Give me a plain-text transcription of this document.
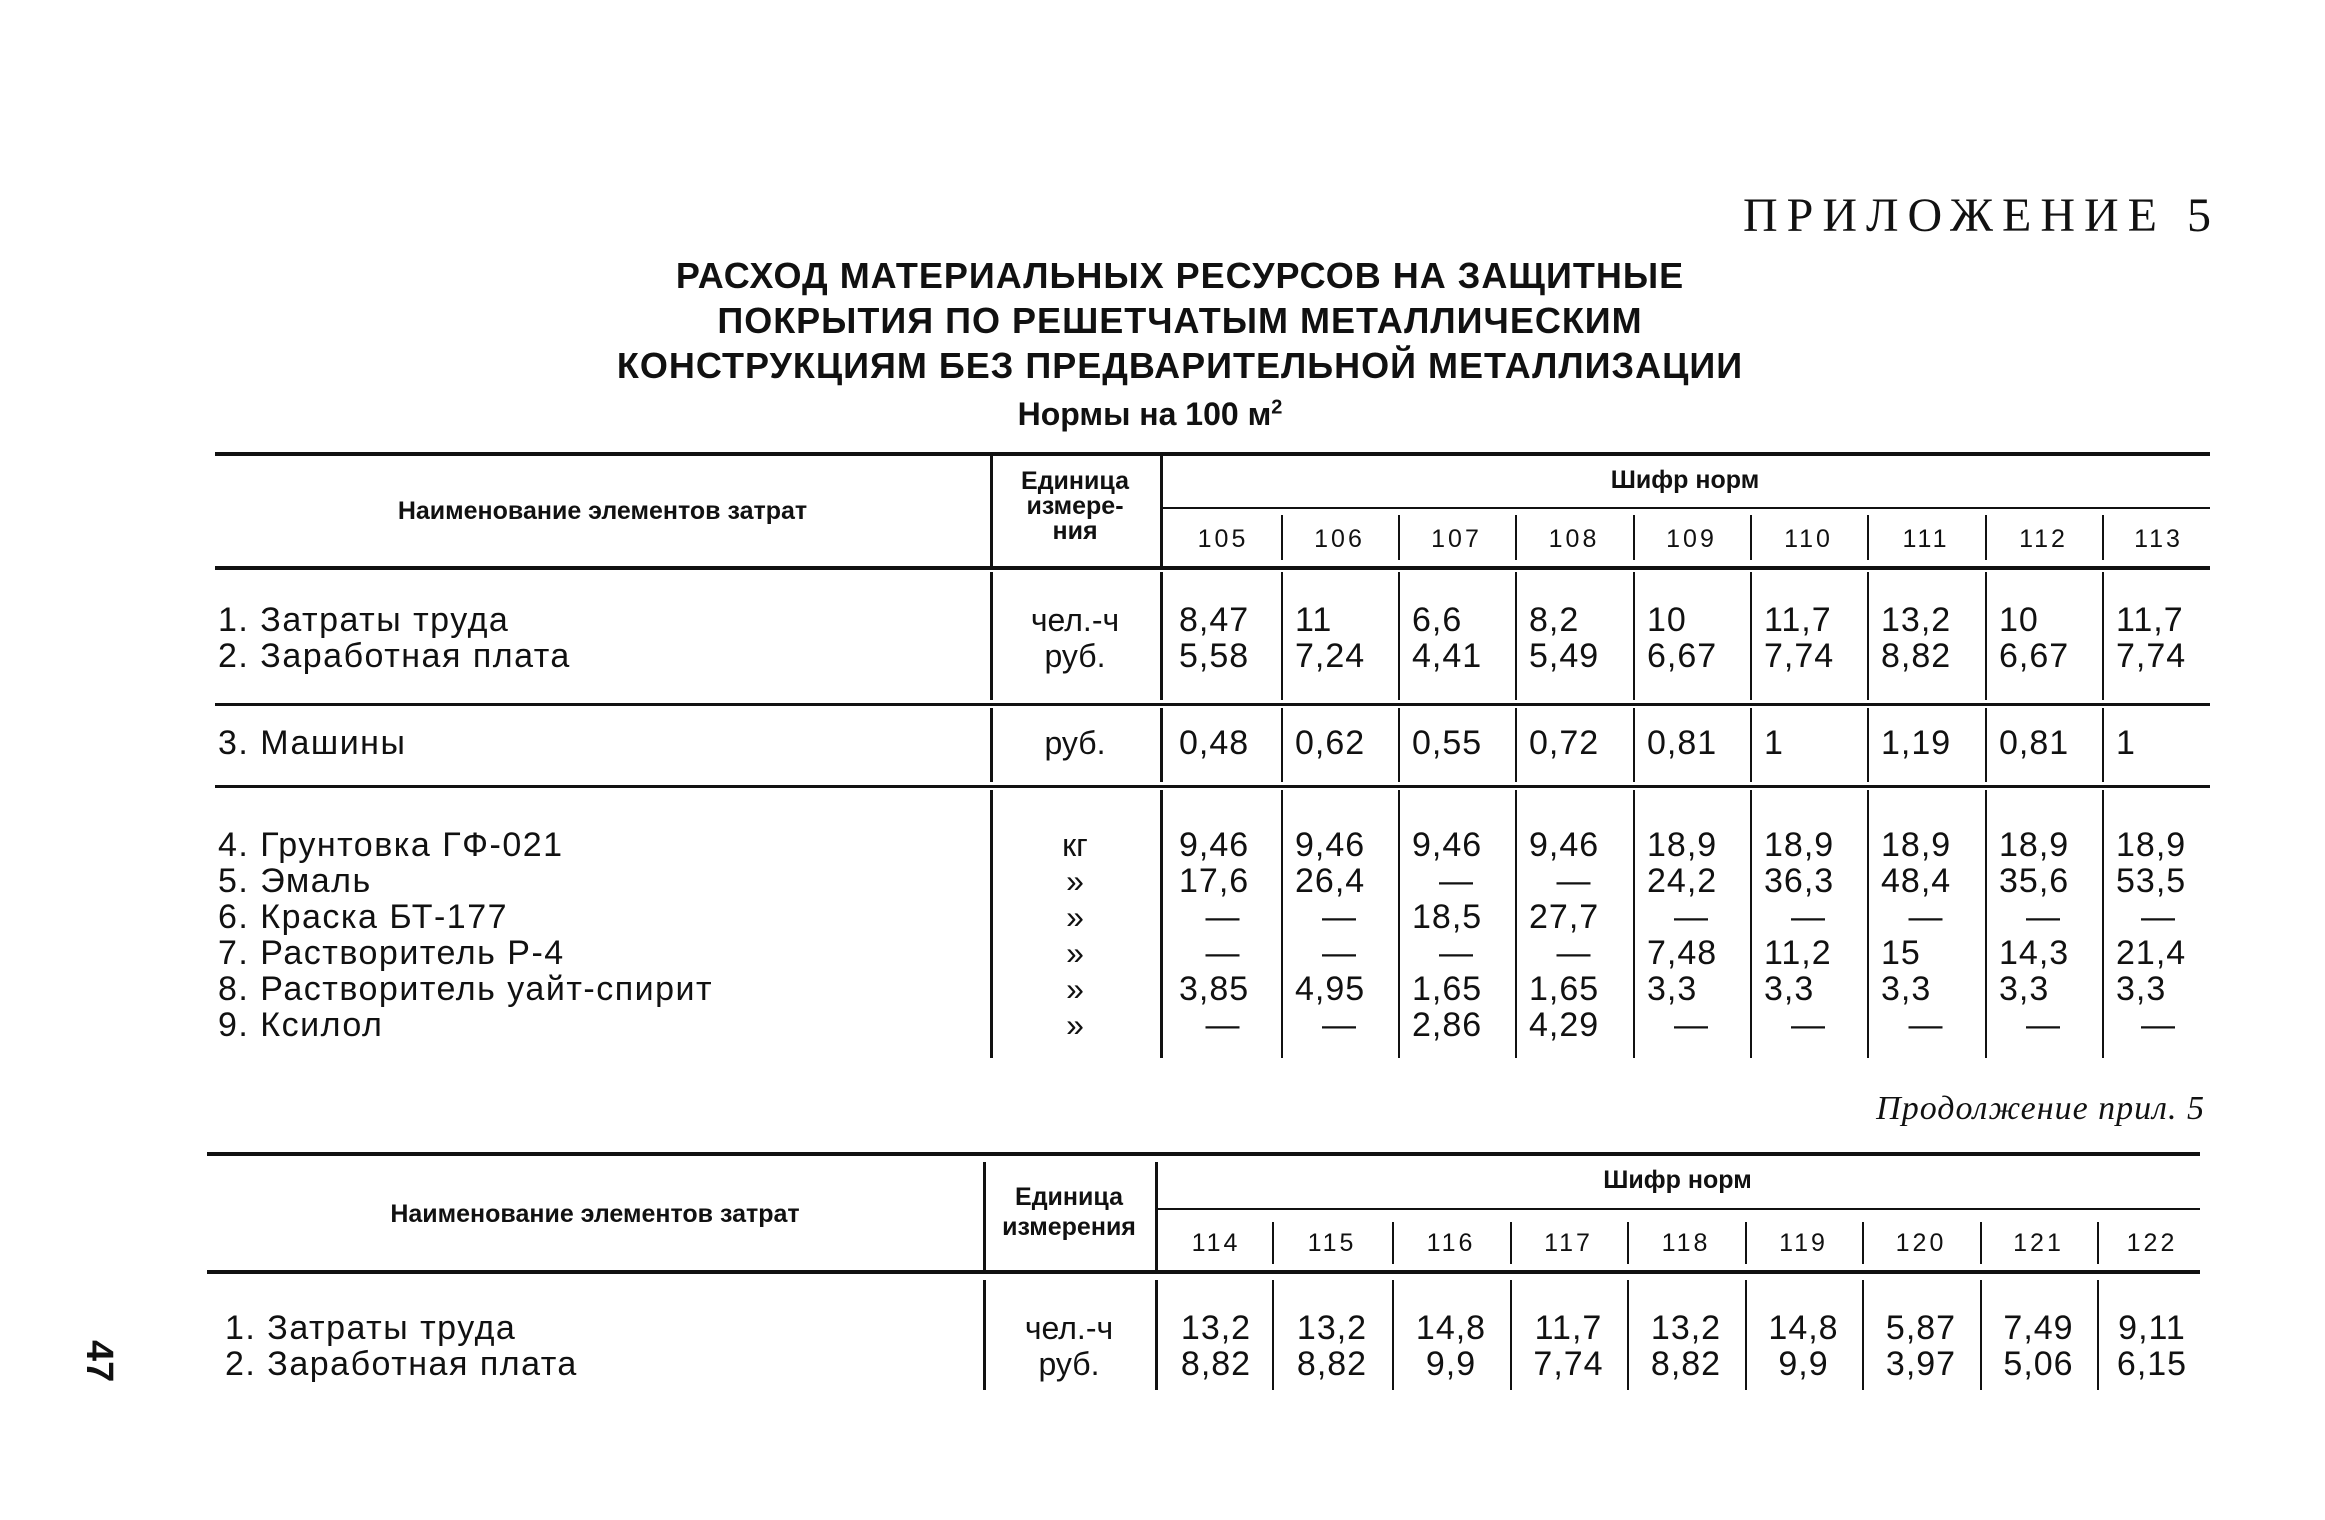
ПРИЛОЖЕНИЕ 5
РАСХОД МАТЕРИАЛЬНЫХ РЕСУРСОВ НА ЗАЩИТНЫЕ
ПОКРЫТИЯ ПО РЕШЕТЧАТЫМ МЕТАЛЛИЧЕСКИМ
КОНСТРУКЦИЯМ БЕЗ ПРЕДВАРИТЕЛЬНОЙ МЕТАЛЛИЗАЦИИ
Нормы на 100 $м^2$
Наименование элементов затрат
Единица
измере-
ния
Шифр норм
105	106	107	108	109	110	111	112	113
1. Затраты труда	чел.-ч	8,47	11	6,6	8,2	10	11,7	13,2	10	11,7
2. Заработная плата	руб.	5,58	7,24	4,41	5,49	6,67	7,74	8,82	6,67	7,74
3. Машины	руб.	0,48	0,62	0,55	0,72	0,81	1	1,19	0,81	1
4. Грунтовка ГФ-021	кг	9,46	9,46	9,46	9,46	18,9	18,9	18,9	18,9	18,9
5. Эмаль	»	17,6	26,4	—	—	24,2	36,3	48,4	35,6	53,5
6. Краска БТ-177	»	—	—	18,5	27,7	—	—	—	—	—
7. Растворитель Р-4	»	—	—	—	—	7,48	11,2	15	14,3	21,4
8. Растворитель уайт-спирит	»	3,85	4,95	1,65	1,65	3,3	3,3	3,3	3,3	3,3
9. Ксилол	»	—	—	2,86	4,29	—	—	—	—	—
Продолжение прил. 5
Наименование элементов затрат
Единица
измерения
Шифр норм
114	115	116	117	118	119	120	121	122
1. Затраты труда	чел.-ч	13,2	13,2	14,8	11,7	13,2	14,8	5,87	7,49	9,11
2. Заработная плата	руб.	8,82	8,82	9,9	7,74	8,82	9,9	3,97	5,06	6,15
47
